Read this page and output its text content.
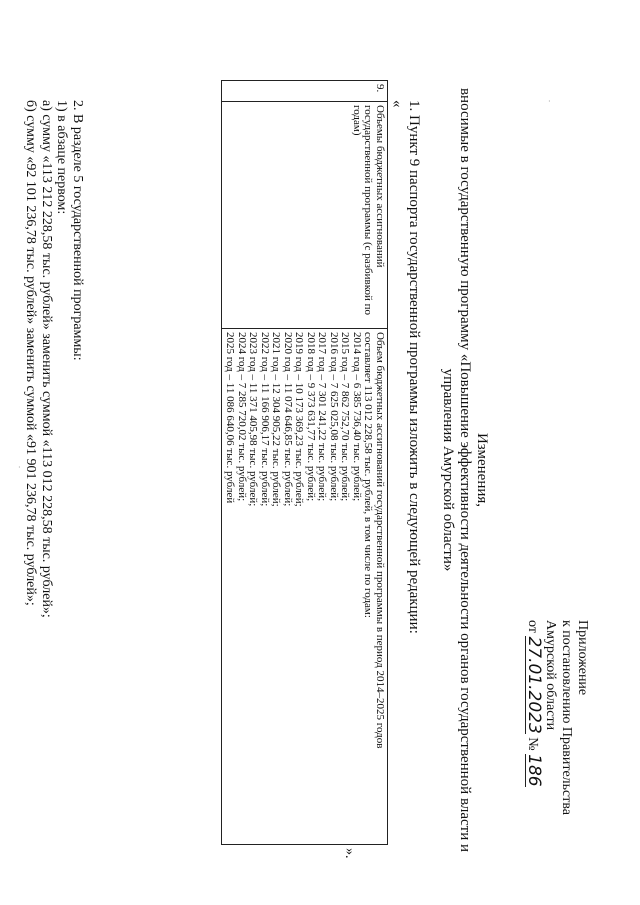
Приложение
к постановлению Правительства
Амурской области
от 27.01.2023 № 186
Изменения,
вносимые в государственную программу «Повышение эффективности деятельности органов государственной власти и
управления Амурской области»
1. Пункт 9 паспорта государственной программы изложить в следующей редакции:
«
9.	Объемы бюджетных ассигнований государственной программы (с разбивкой по годам)	
Объем бюджетных ассигнований государственной программы в период 2014–2025 годов
составляет 113 012 228,58 тыс. рублей, в том числе по годам:
2014 год – 6 385 736,40 тыс. рублей;
2015 год – 7 862 752,70 тыс. рублей;
2016 год – 7 625 025,08 тыс. рублей;
2017 год – 7 301 241,22 тыс. рублей;
2018 год – 9 373 631,77 тыс. рублей;
2019 год – 10 173 369,23 тыс. рублей;
2020 год – 11 074 646,85 тыс. рублей;
2021 год – 12 304 905,22 тыс. рублей;
2022 год – 11 166 906,17 тыс. рублей;
2023 год – 11 371 405,98 тыс. рублей;
2024 год – 7 285 720,02 тыс. рублей;
2025 год – 11 086 640,06 тыс. рублей
».
2. В разделе 5 государственной программы:
1) в абзаце первом:
а) сумму «113 212 228,58 тыс. рублей» заменить суммой «113 012 228,58 тыс. рублей»;
б) сумму «92 101 236,78 тыс. рублей» заменить суммой «91 901 236,78 тыс. рублей»;	·
·
